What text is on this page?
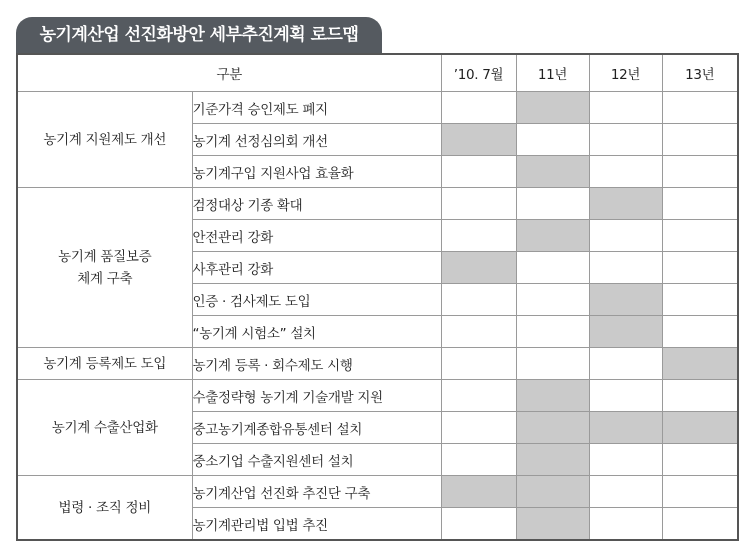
농기계산업 선진화방안 세부추진계획 로드맵
구분		’10. 7월	11년	12년	13년

농기계 지원제도 개선	기준가격 승인제도 폐지				
	농기계 선정심의회 개선				
	농기계구입 지원사업 효율화				

농기계 품질보증
체계 구축	검정대상 기종 확대				
	안전관리 강화				
	사후관리 강화				
	인증 · 검사제도 도입				
	“농기계 시험소” 설치				

농기계 등록제도 도입	농기계 등록 · 회수제도 시행				

농기계 수출산업화	수출정략형 농기계 기술개발 지원				
	중고농기계종합유통센터 설치				
	중소기업 수출지원센터 설치				

법령 · 조직 정비	농기계산업 선진화 추진단 구축				
	농기계관리법 입법 추진				
